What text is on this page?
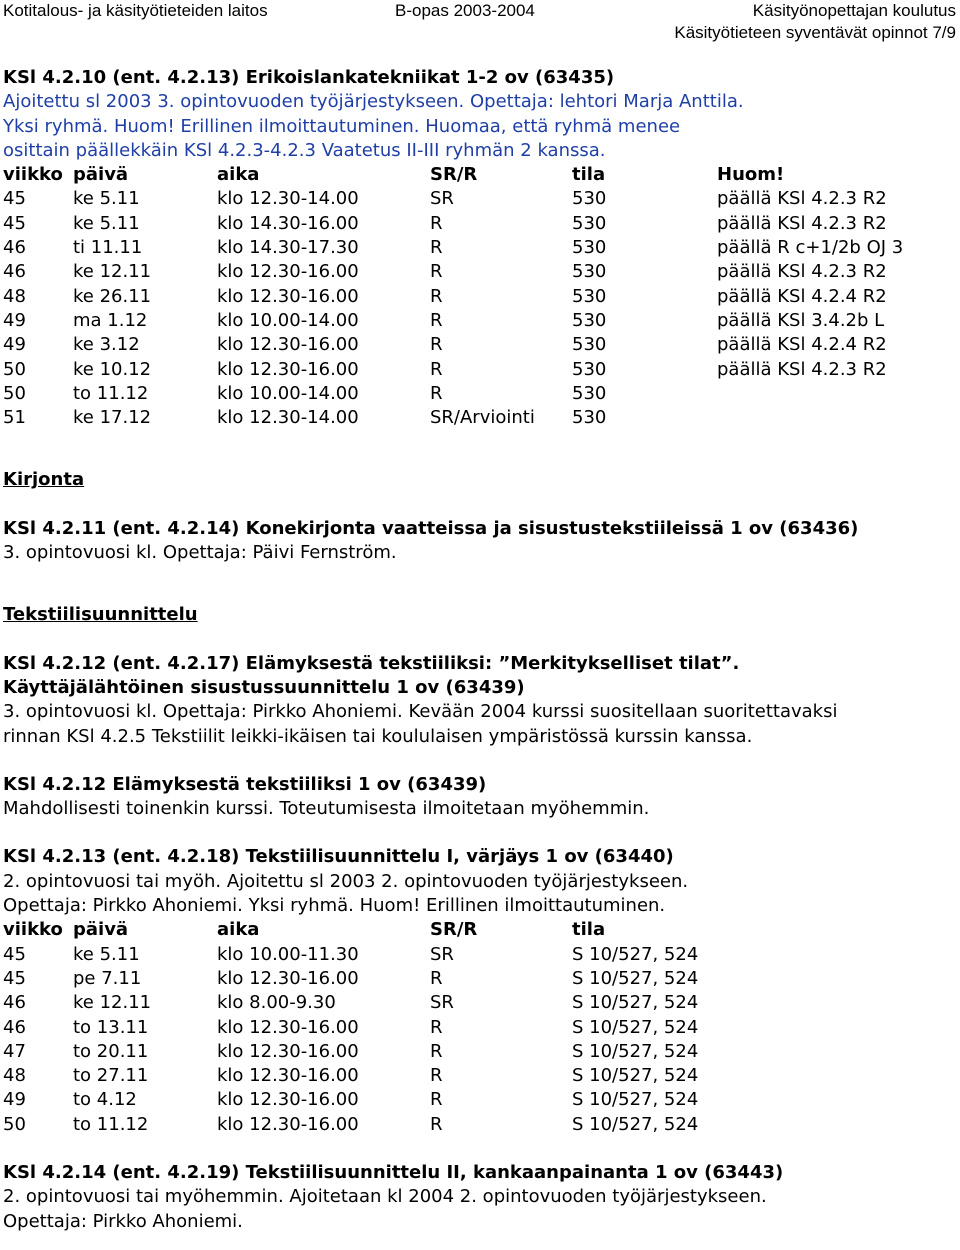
Kotitalous- ja käsityötieteiden laitos	B-opas 2003-2004	Käsityönopettajan koulutus
Käsityötieteen syventävät opinnot 7/9
KSl 4.2.10 (ent. 4.2.13) Erikoislankatekniikat 1-2 ov (63435)
Ajoitettu sl 2003 3. opintovuoden työjärjestykseen. Opettaja: lehtori Marja Anttila.
Yksi ryhmä. Huom! Erillinen ilmoittautuminen. Huomaa, että ryhmä menee
osittain päällekkäin KSl 4.2.3-4.2.3 Vaatetus II-III ryhmän 2 kanssa.
viikko päivä	aika	SR/R	tila	Huom!
45	ke 5.11	klo 12.30-14.00	SR	530	päällä KSl 4.2.3 R2
45	ke 5.11	klo 14.30-16.00	R	530	päällä KSl 4.2.3 R2
46	ti 11.11	klo 14.30-17.30	R	530	päällä R c+1/2b OJ 3
46	ke 12.11	klo 12.30-16.00	R	530	päällä KSl 4.2.3 R2
48	ke 26.11	klo 12.30-16.00	R	530	päällä KSl 4.2.4 R2
49	ma 1.12	klo 10.00-14.00	R	530	päällä KSl 3.4.2b L
49	ke 3.12	klo 12.30-16.00	R	530	päällä KSl 4.2.4 R2
50	ke 10.12	klo 12.30-16.00	R	530	päällä KSl 4.2.3 R2
50	to 11.12	klo 10.00-14.00	R	530
51	ke 17.12	klo 12.30-14.00	SR/Arviointi	530
Kirjonta
KSl 4.2.11 (ent. 4.2.14) Konekirjonta vaatteissa ja sisustustekstiileissä 1 ov (63436)
3. opintovuosi kl. Opettaja: Päivi Fernström.
Tekstiilisuunnittelu
KSl 4.2.12 (ent. 4.2.17) Elämyksestä tekstiiliksi: ”Merkitykselliset tilat”.
Käyttäjälähtöinen sisustussuunnittelu 1 ov (63439)
3. opintovuosi kl. Opettaja: Pirkko Ahoniemi. Kevään 2004 kurssi suositellaan suoritettavaksi
rinnan KSl 4.2.5 Tekstiilit leikki-ikäisen tai koululaisen ympäristössä kurssin kanssa.
KSl 4.2.12 Elämyksestä tekstiiliksi 1 ov (63439)
Mahdollisesti toinenkin kurssi. Toteutumisesta ilmoitetaan myöhemmin.
KSl 4.2.13 (ent. 4.2.18) Tekstiilisuunnittelu I, värjäys 1 ov (63440)
2. opintovuosi tai myöh. Ajoitettu sl 2003 2. opintovuoden työjärjestykseen.
Opettaja: Pirkko Ahoniemi. Yksi ryhmä. Huom! Erillinen ilmoittautuminen.
viikko päivä	aika	SR/R	tila
45	ke 5.11	klo 10.00-11.30	SR	S 10/527, 524
45	pe 7.11	klo 12.30-16.00	R	S 10/527, 524
46	ke 12.11	klo 8.00-9.30	SR	S 10/527, 524
46	to 13.11	klo 12.30-16.00	R	S 10/527, 524
47	to 20.11	klo 12.30-16.00	R	S 10/527, 524
48	to 27.11	klo 12.30-16.00	R	S 10/527, 524
49	to 4.12	klo 12.30-16.00	R	S 10/527, 524
50	to 11.12	klo 12.30-16.00	R	S 10/527, 524
KSl 4.2.14 (ent. 4.2.19) Tekstiilisuunnittelu II, kankaanpainanta 1 ov (63443)
2. opintovuosi tai myöhemmin. Ajoitetaan kl 2004 2. opintovuoden työjärjestykseen.
Opettaja: Pirkko Ahoniemi.
